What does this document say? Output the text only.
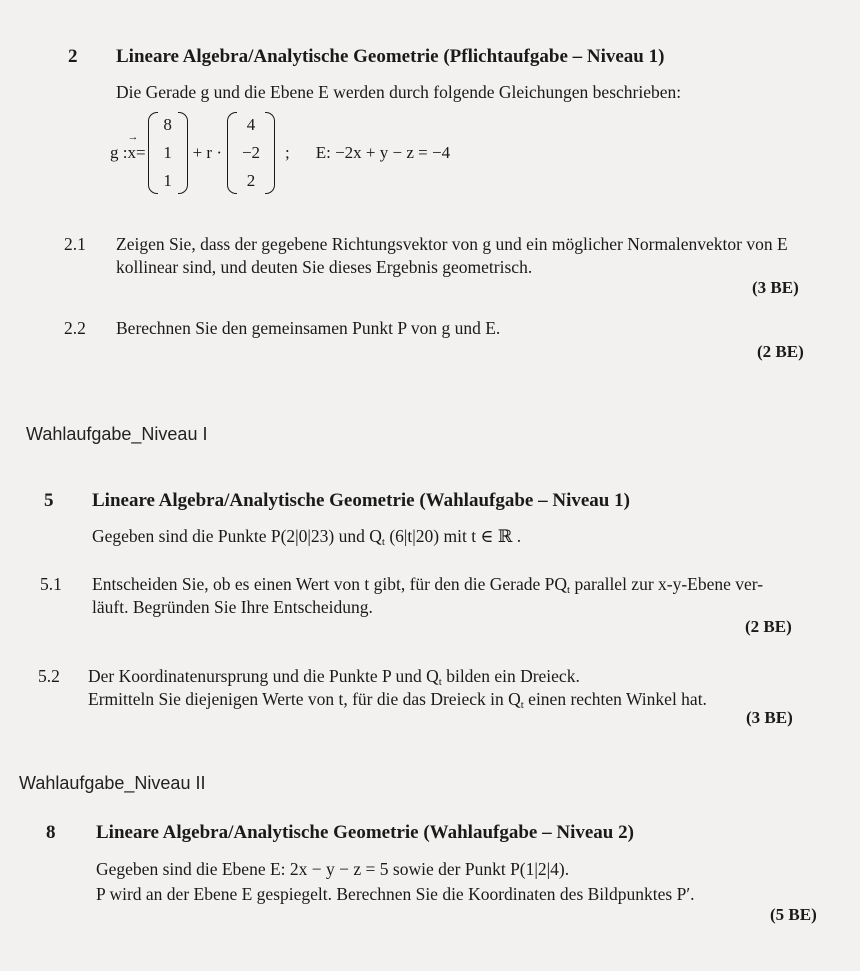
2 Lineare Algebra/Analytische Geometrie (Pflichtaufgabe – Niveau 1)
Die Gerade g und die Ebene E werden durch folgende Gleichungen beschrieben:
g :
→ x =
8
1
1
+ r ·
4
−2
2
; E: −2x + y − z = −4
2.1 Zeigen Sie, dass der gegebene Richtungsvektor von g und ein möglicher Normalenvektor von E
kollinear sind, und deuten Sie dieses Ergebnis geometrisch.
(3 BE)
2.2 Berechnen Sie den gemeinsamen Punkt P von g und E.
(2 BE)
Wahlaufgabe_Niveau I
5 Lineare Algebra/Analytische Geometrie (Wahlaufgabe – Niveau 1)
Gegeben sind die Punkte P(2|0|23) und $Q_t$ (6|t|20) mit t ∈ ℝ .
5.1 Entscheiden Sie, ob es einen Wert von t gibt, für den die Gerade $PQ_t$ parallel zur x-y-Ebene ver-
läuft. Begründen Sie Ihre Entscheidung.
(2 BE)
5.2 Der Koordinatenursprung und die Punkte P und $Q_t$ bilden ein Dreieck.
Ermitteln Sie diejenigen Werte von t, für die das Dreieck in $Q_t$ einen rechten Winkel hat.
(3 BE)
Wahlaufgabe_Niveau II
8 Lineare Algebra/Analytische Geometrie (Wahlaufgabe – Niveau 2)
Gegeben sind die Ebene E: 2x − y − z = 5 sowie der Punkt P(1|2|4).
P wird an der Ebene E gespiegelt. Berechnen Sie die Koordinaten des Bildpunktes P′.
(5 BE)
